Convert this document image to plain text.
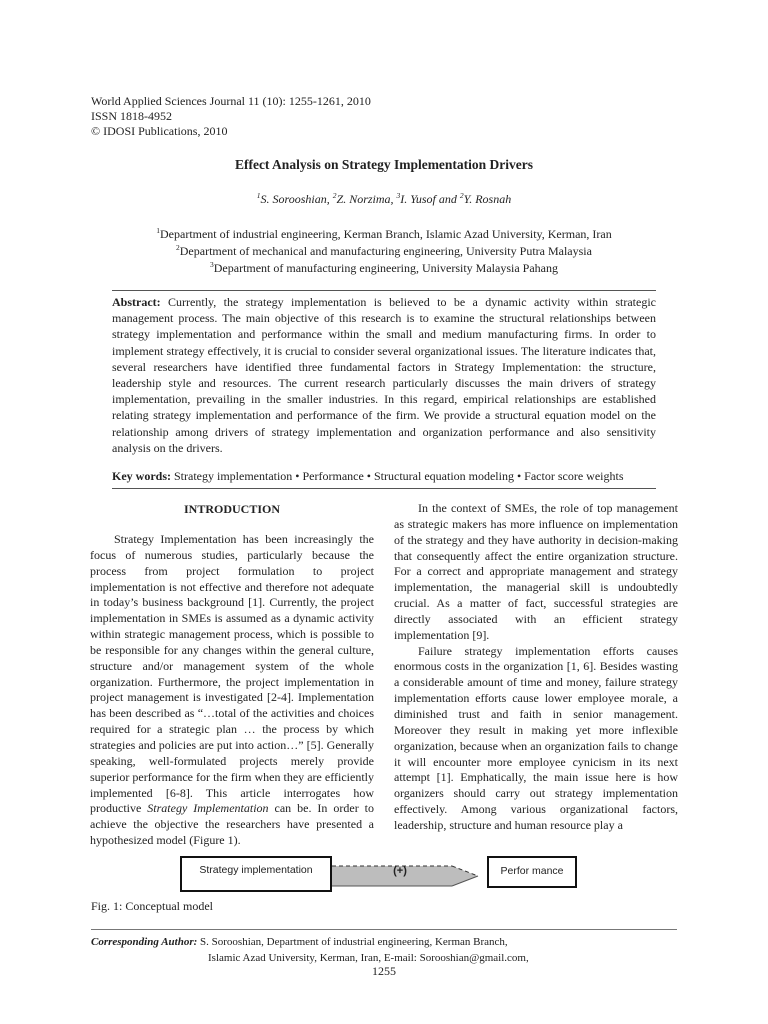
World Applied Sciences Journal 11 (10): 1255-1261, 2010
ISSN 1818-4952
© IDOSI Publications, 2010
Effect Analysis on Strategy Implementation Drivers
$^1$S. Sorooshian, $^2$Z. Norzima, $^3$I. Yusof and $^2$Y. Rosnah
$^1$Department of industrial engineering, Kerman Branch, Islamic Azad University, Kerman, Iran
$^2$Department of mechanical and manufacturing engineering, University Putra Malaysia
$^3$Department of manufacturing engineering, University Malaysia Pahang
Abstract: Currently, the strategy implementation is believed to be a dynamic activity within strategic management process. The main objective of this research is to examine the structural relationships between strategy implementation and performance within the small and medium manufacturing firms. In order to implement strategy effectively, it is crucial to consider several organizational issues. The literature indicates that, several researchers have identified three fundamental factors in Strategy Implementation: the structure, leadership style and resources. The current research particularly discusses the main drivers of strategy implementation, prevailing in the smaller industries. In this regard, empirical relationships are established relating strategy implementation and performance of the firm. We provide a structural equation model on the relationship among drivers of strategy implementation and organization performance and also sensitivity analysis on the drivers.
Key words: Strategy implementation • Performance • Structural equation modeling • Factor score weights
INTRODUCTION

Strategy Implementation has been increasingly the focus of numerous studies, particularly because the process from project formulation to project implementation is not effective and therefore not adequate in today’s business background [1]. Currently, the project implementation in SMEs is assumed as a dynamic activity within strategic management process, which is possible to be responsible for any changes within the general culture, structure and/or management system of the whole organization. Furthermore, the project implementation in project management is investigated [2-4]. Implementation has been described as “…total of the activities and choices required for a strategic plan … the process by which strategies and policies are put into action…” [5]. Generally speaking, well-formulated projects merely provide superior performance for the firm when they are efficiently implemented [6-8]. This article interrogates how productive Strategy Implementation can be. In order to achieve the objective the researchers have presented a hypothesized model (Figure 1).

In the context of SMEs, the role of top management as strategic makers has more influence on implementation of the strategy and they have authority in decision-making that consequently affect the entire organization structure. For a correct and appropriate management and strategy implementation, the managerial skill is undoubtedly crucial. As a matter of fact, successful strategies are directly associated with an efficient strategy implementation [9].

Failure strategy implementation efforts causes enormous costs in the organization [1, 6]. Besides wasting a considerable amount of time and money, failure strategy implementation efforts cause lower employee morale, a diminished trust and faith in senior management. Moreover they result in making yet more inflexible organization, because when an organization fails to change it will encounter more employee cynicism in its next attempt [1]. Emphatically, the main issue here is how organizers should carry out strategy implementation effectively. Among various organizational factors, leadership, structure and human resource play a

Strategy implementation	(+)	Perfor mance
Fig. 1: Conceptual model
Corresponding Author: S. Sorooshian, Department of industrial engineering, Kerman Branch,
Islamic Azad University, Kerman, Iran, E-mail: Sorooshian@gmail.com,
1255
